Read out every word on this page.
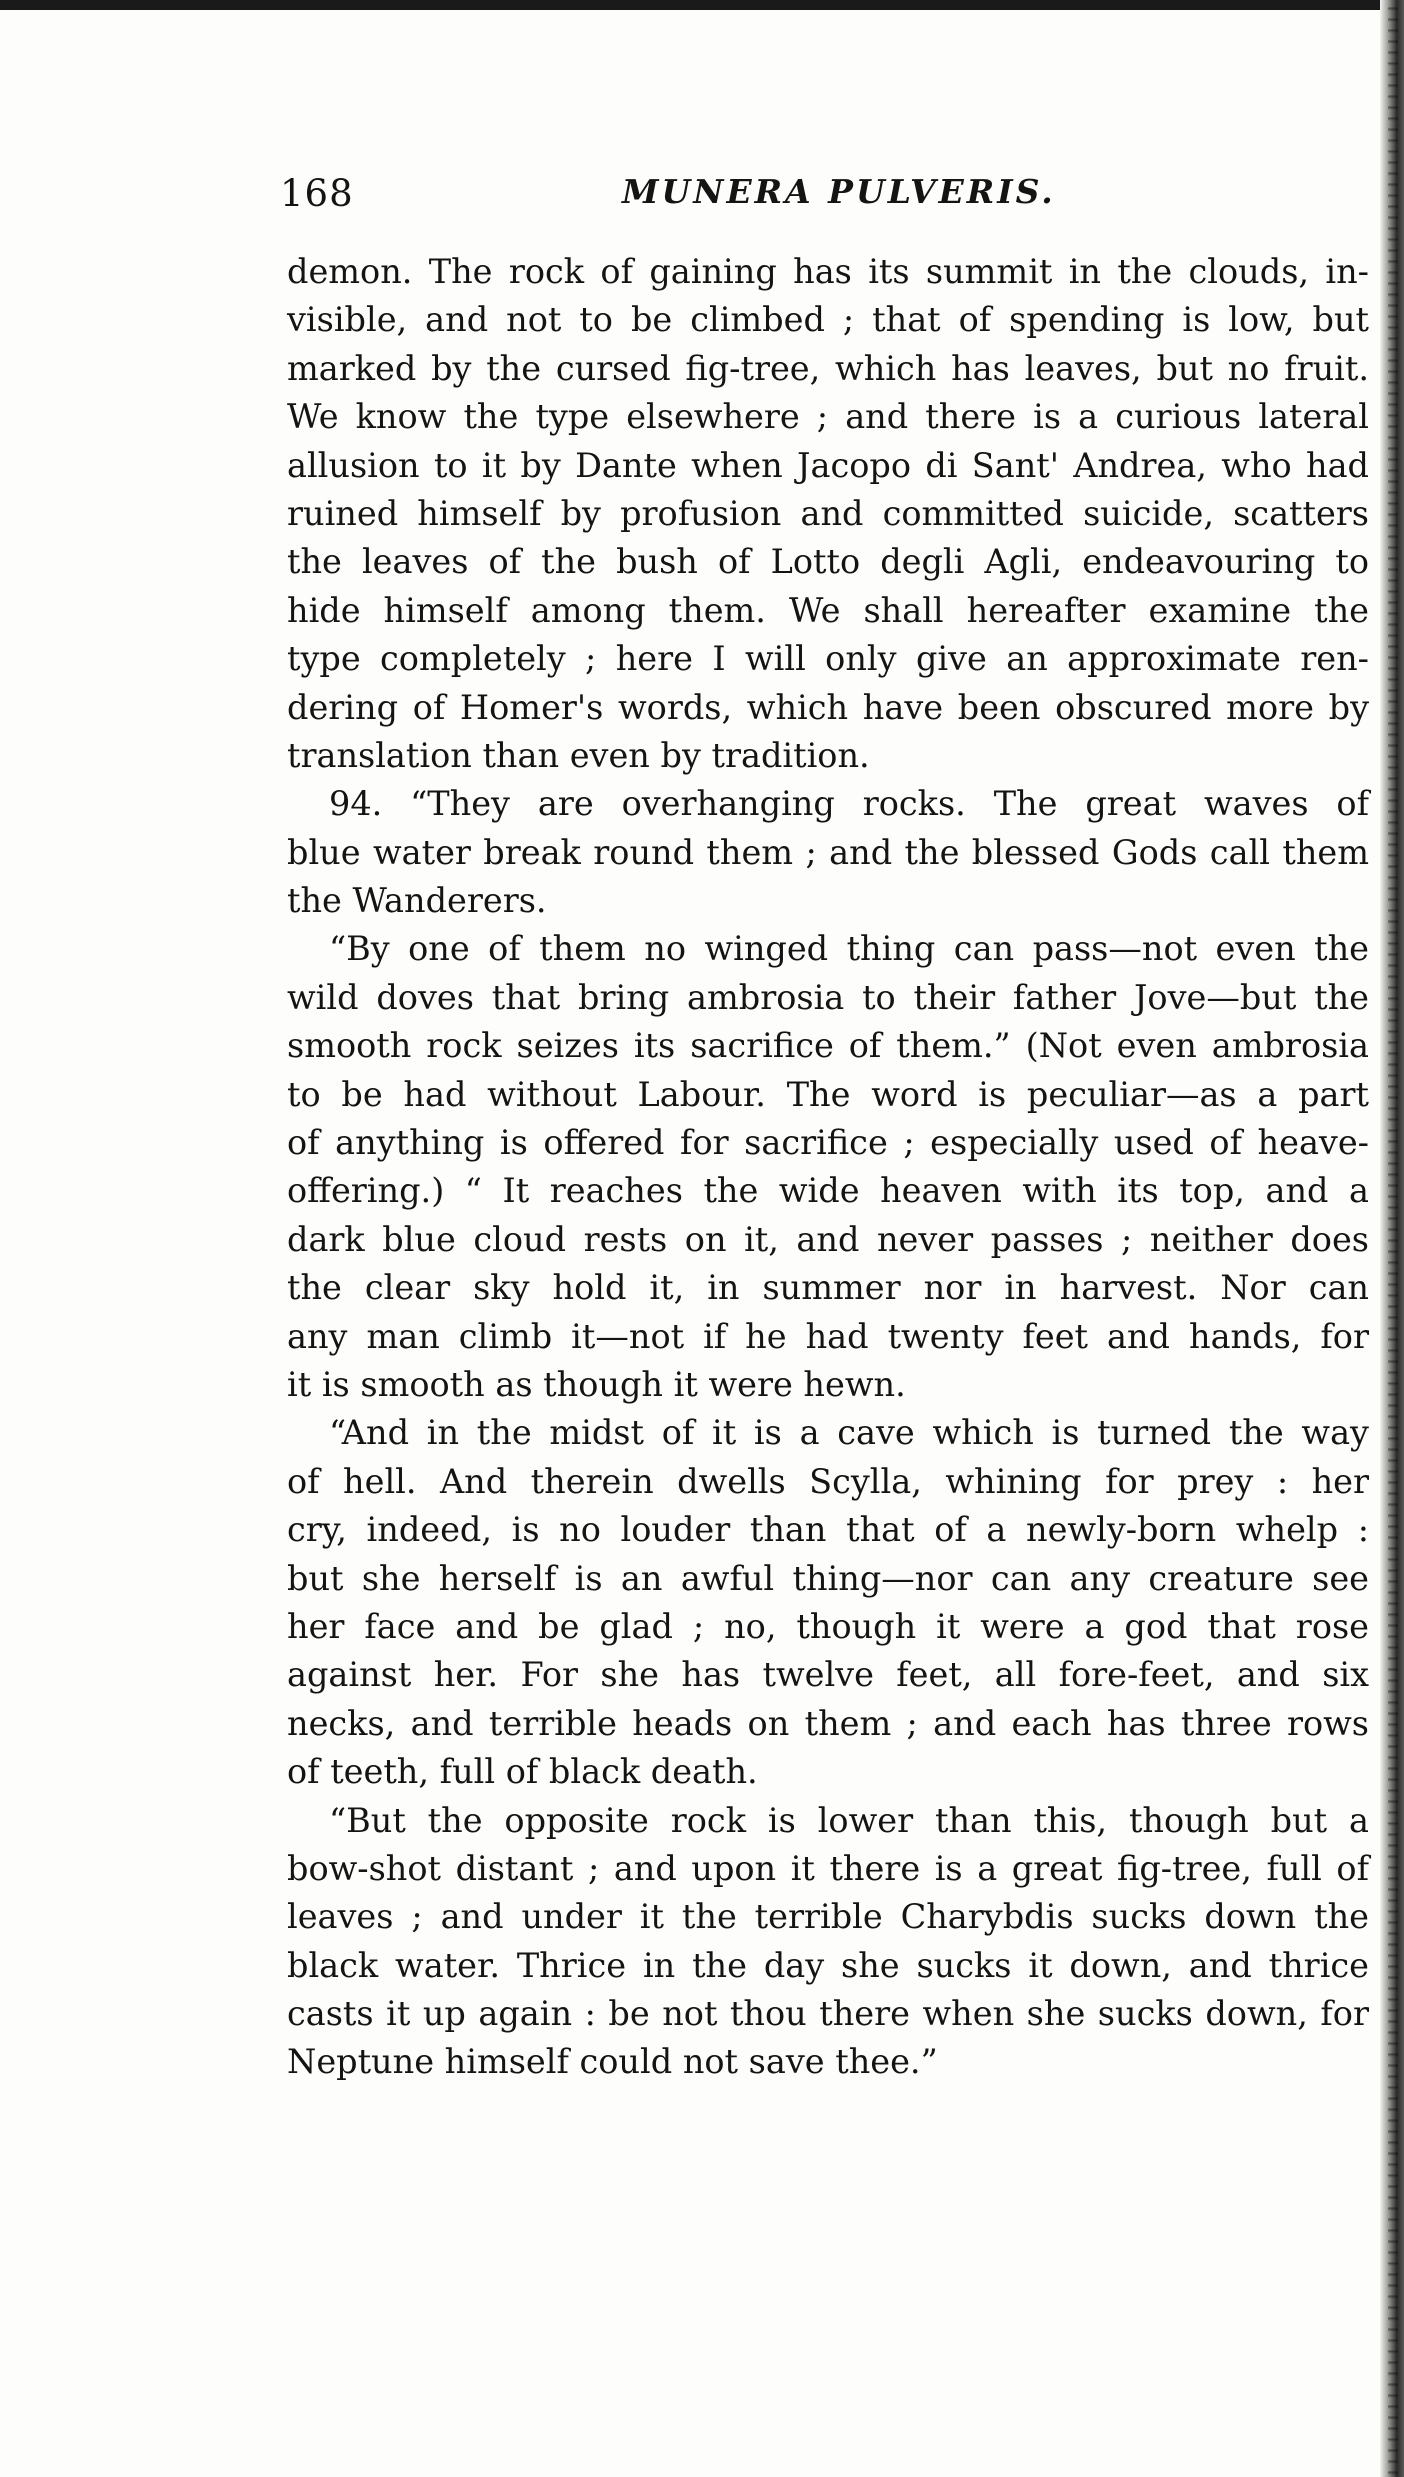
168	MUNERA PULVERIS.
demon. The rock of gaining has its summit in the clouds, in-
visible, and not to be climbed ; that of spending is low, but
marked by the cursed fig-tree, which has leaves, but no fruit.
We know the type elsewhere ; and there is a curious lateral
allusion to it by Dante when Jacopo di Sant' Andrea, who had
ruined himself by profusion and committed suicide, scatters
the leaves of the bush of Lotto degli Agli, endeavouring to
hide himself among them. We shall hereafter examine the
type completely ; here I will only give an approximate ren-
dering of Homer's words, which have been obscured more by
translation than even by tradition.
94. “They are overhanging rocks. The great waves of
blue water break round them ; and the blessed Gods call them
the Wanderers.
“By one of them no winged thing can pass—not even the
wild doves that bring ambrosia to their father Jove—but the
smooth rock seizes its sacrifice of them.” (Not even ambrosia
to be had without Labour. The word is peculiar—as a part
of anything is offered for sacrifice ; especially used of heave-
offering.) “ It reaches the wide heaven with its top, and a
dark blue cloud rests on it, and never passes ; neither does
the clear sky hold it, in summer nor in harvest. Nor can
any man climb it—not if he had twenty feet and hands, for
it is smooth as though it were hewn.
“And in the midst of it is a cave which is turned the way
of hell. And therein dwells Scylla, whining for prey : her
cry, indeed, is no louder than that of a newly-born whelp :
but she herself is an awful thing—nor can any creature see
her face and be glad ; no, though it were a god that rose
against her. For she has twelve feet, all fore-feet, and six
necks, and terrible heads on them ; and each has three rows
of teeth, full of black death.
“But the opposite rock is lower than this, though but a
bow-shot distant ; and upon it there is a great fig-tree, full of
leaves ; and under it the terrible Charybdis sucks down the
black water. Thrice in the day she sucks it down, and thrice
casts it up again : be not thou there when she sucks down, for
Neptune himself could not save thee.”
